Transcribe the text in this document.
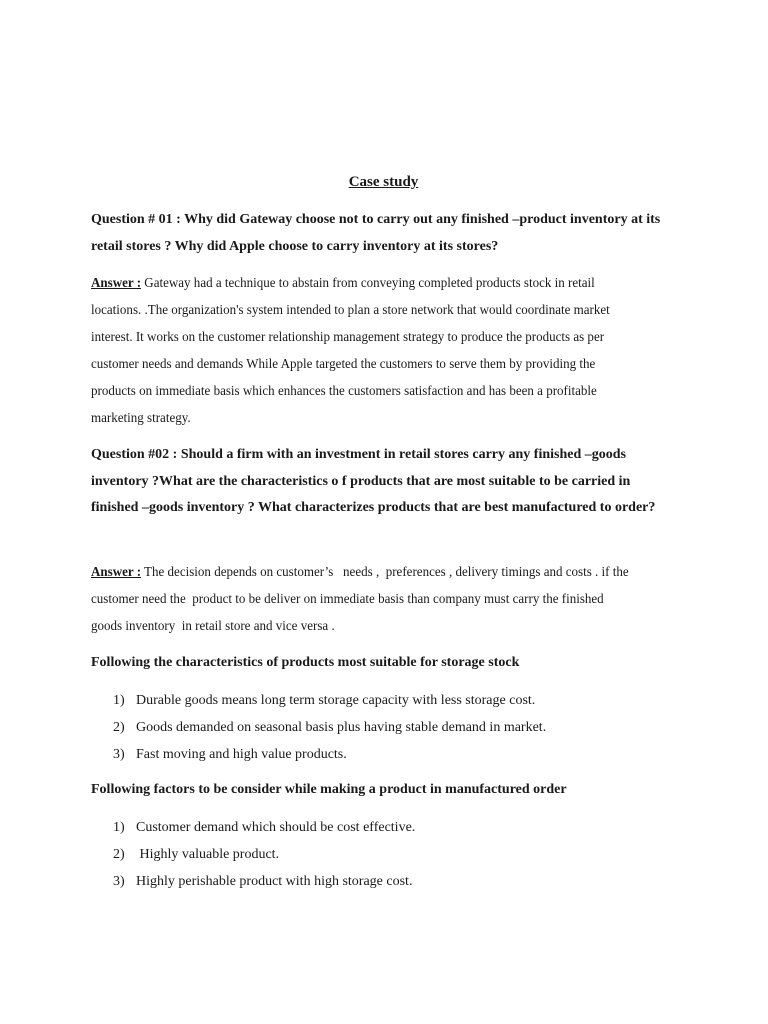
Case study
Question # 01 : Why did Gateway choose not to carry out any finished –product inventory at its retail stores ? Why did Apple choose to carry inventory at its stores?
Answer : Gateway had a technique to abstain from conveying completed products stock in retail locations. .The organization's system intended to plan a store network that would coordinate market interest. It works on the customer relationship management strategy to produce the products as per customer needs and demands While Apple targeted the customers to serve them by providing the products on immediate basis which enhances the customers satisfaction and has been a profitable marketing strategy.
Question #02 : Should a firm with an investment in retail stores carry any finished –goods inventory ?What are the characteristics o f products that are most suitable to be carried in finished –goods inventory ? What characterizes products that are best manufactured to order?
Answer : The decision depends on customer’s   needs ,  preferences , delivery timings and costs . if the customer need the  product to be deliver on immediate basis than company must carry the finished goods inventory  in retail store and vice versa .
Following the characteristics of products most suitable for storage stock
1) Durable goods means long term storage capacity with less storage cost.
2) Goods demanded on seasonal basis plus having stable demand in market.
3) Fast moving and high value products.
Following factors to be consider while making a product in manufactured order
1) Customer demand which should be cost effective.
2) Highly valuable product.
3) Highly perishable product with high storage cost.
